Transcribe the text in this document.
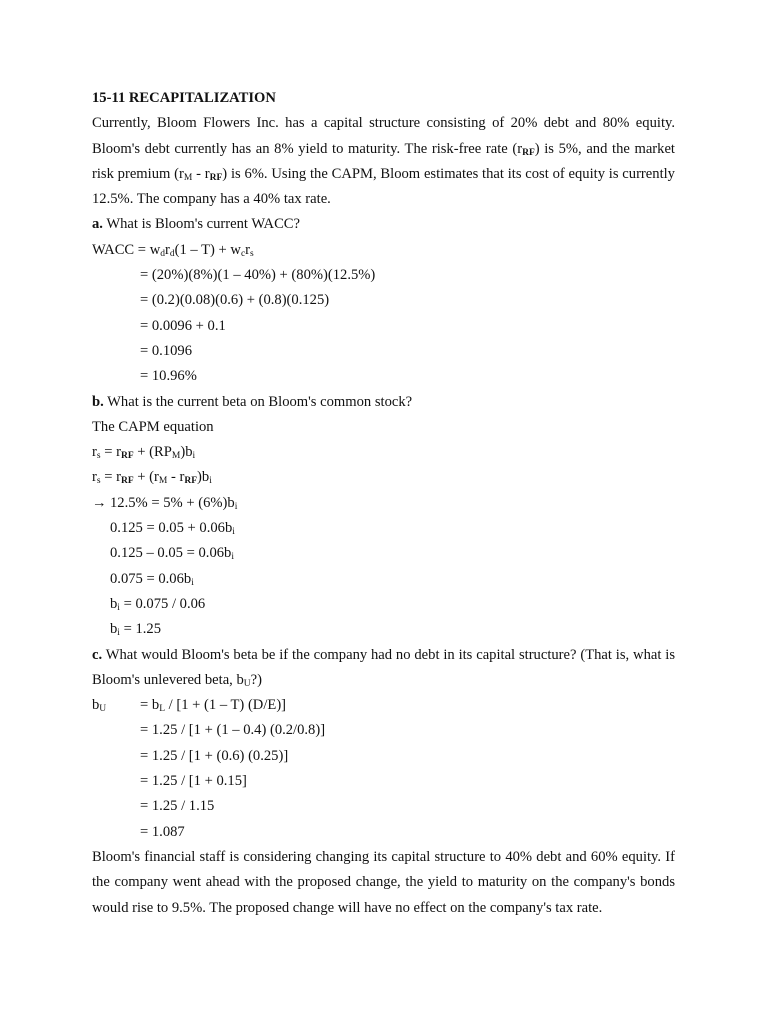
15-11 RECAPITALIZATION
Currently, Bloom Flowers Inc. has a capital structure consisting of 20% debt and 80% equity. Bloom's debt currently has an 8% yield to maturity. The risk-free rate $(r_{RF})$ is 5%, and the market risk premium $(r_M - r_{RF})$ is 6%. Using the CAPM, Bloom estimates that its cost of equity is currently 12.5%. The company has a 40% tax rate.
a. What is Bloom's current WACC?
WACC = $w_dr_d(1 - T) + w_cr_s$
= (20%)(8%)(1 – 40%) + (80%)(12.5%)
= (0.2)(0.08)(0.6) + (0.8)(0.125)
= 0.0096 + 0.1
= 0.1096
= 10.96%
b. What is the current beta on Bloom's common stock?
The CAPM equation
$r_s = r_{RF} + (RP_M)b_i$
$r_s = r_{RF} + (r_M - r_{RF})b_i$
→ $12.5\% = 5\% + (6\%)b_i$
$0.125 = 0.05 + 0.06b_i$
$0.125 - 0.05 = 0.06b_i$
$0.075 = 0.06b_i$
$b_i = 0.075 / 0.06$
$b_i = 1.25$
c. What would Bloom's beta be if the company had no debt in its capital structure? (That is, what is Bloom's unlevered beta, $b_U$?)
$b_U = b_L / [1 + (1 - T)$ (D/E)]
= 1.25 / [1 + (1 – 0.4) (0.2/0.8)]
= 1.25 / [1 + (0.6) (0.25)]
= 1.25 / [1 + 0.15]
= 1.25 / 1.15
= 1.087
Bloom's financial staff is considering changing its capital structure to 40% debt and 60% equity. If the company went ahead with the proposed change, the yield to maturity on the company's bonds would rise to 9.5%. The proposed change will have no effect on the company's tax rate.
